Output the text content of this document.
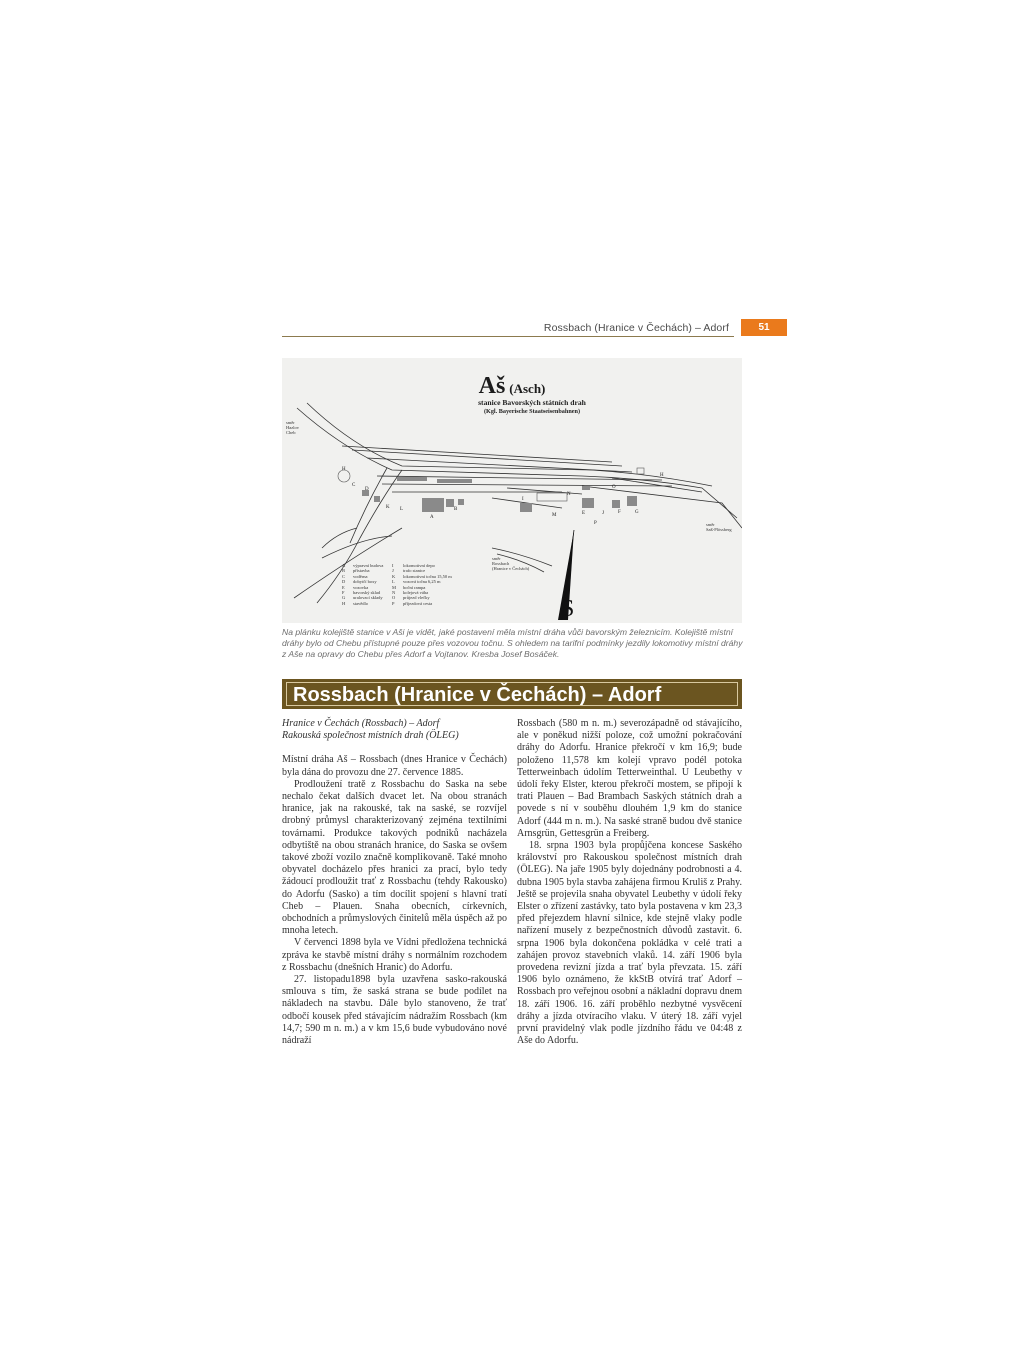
Rossbach (Hranice v Čechách) – Adorf	51
K L
H
C
D
A
B
I
N
M	E	J	F	G
O
P
H
Aš (Asch)
stanice Bavorských státních drah
(Kgl. Bayerische Staatseisenbahnen)
směr
Hazlov
Cheb
směr
Saß-Plössberg
směr
Rossbach
(Hranice v Čechách)
A výpravní budova
B přístavba
C voděrna
D dobytčí boxy
E vozovka
F bavorský sklad
G uralovací sklady
H stavědlo
I lokomotivní depo
J trafo stanice
K lokomotivní točna 15,50 m
L vozová točna 6,25 m
M boční rampa
N kolejová váha
O průjezd vlečky
P příjezdová cesta	S
Na plánku kolejiště stanice v Aši je vidět, jaké postavení měla místní dráha vůči bavorským železnicím. Kolejiště místní dráhy bylo od Chebu přístupné pouze přes vozovou točnu. S ohledem na tarifní podmínky jezdily lokomotivy místní dráhy z Aše na opravy do Chebu přes Adorf a Vojtanov. Kresba Josef Bosáček.
Rossbach (Hranice v Čechách) – Adorf
Hranice v Čechách (Rossbach) – Adorf
Rakouská společnost místních drah (ÖLEG)

Místní dráha Aš – Rossbach (dnes Hranice v Čechách) byla dána do provozu dne 27. července 1885.

Prodloužení tratě z Rossbachu do Saska na sebe nechalo čekat dalších dvacet let. Na obou stranách hranice, jak na rakouské, tak na saské, se rozvíjel drobný průmysl charakterizovaný zejména textilními továrnami. Produkce takových podniků nacházela odbytiště na obou stranách hranice, do Saska se ovšem takové zboží vozilo značně komplikovaně. Také mnoho obyvatel docházelo přes hranici za prací, bylo tedy žádoucí prodloužit trať z Rossbachu (tehdy Rakousko) do Adorfu (Sasko) a tím docílit spojení s hlavní tratí Cheb – Plauen. Snaha obecních, církevních, obchodních a průmyslových činitelů měla úspěch až po mnoha letech.

V červenci 1898 byla ve Vídni předložena technická zpráva ke stavbě místní dráhy s normálním rozchodem z Rossbachu (dnešních Hranic) do Adorfu.

27. listopadu1898 byla uzavřena sasko-rakouská smlouva s tím, že saská strana se bude podílet na nákladech na stavbu. Dále bylo stanoveno, že trať odbočí kousek před stávajícím nádražím Rossbach (km 14,7; 590 m n. m.) a v km 15,6 bude vybudováno nové nádraží

Rossbach (580 m n. m.) severozápadně od stávajícího, ale v poněkud nižší poloze, což umožní pokračování dráhy do Adorfu. Hranice překročí v km 16,9; bude položeno 11,578 km kolejí vpravo podél potoka Tetterweinbach údolím Tetterweinthal. U Leubethy v údolí řeky Elster, kterou překročí mostem, se připojí k trati Plauen – Bad Brambach Saských státních drah a povede s ní v souběhu dlouhém 1,9 km do stanice Adorf (444 m n. m.). Na saské straně budou dvě stanice Arnsgrün, Gettesgrün a Freiberg.

18. srpna 1903 byla propůjčena koncese Saského království pro Rakouskou společnost místních drah (ÖLEG). Na jaře 1905 byly dojednány podrobnosti a 4. dubna 1905 byla stavba zahájena firmou Kruliš z Prahy. Ještě se projevila snaha obyvatel Leubethy v údolí řeky Elster o zřízení zastávky, tato byla postavena v km 23,3 před přejezdem hlavní silnice, kde stejně vlaky podle nařízení musely z bezpečnostních důvodů zastavit. 6. srpna 1906 byla dokončena pokládka v celé trati a zahájen provoz stavebních vlaků. 14. září 1906 byla provedena revizní jízda a trať byla převzata. 15. září 1906 bylo oznámeno, že kkStB otvírá trať Adorf – Rossbach pro veřejnou osobní a nákladní dopravu dnem 18. září 1906. 16. září proběhlo nezbytné vysvěcení dráhy a jízda otvíracího vlaku. V úterý 18. září vyjel první pravidelný vlak podle jízdního řádu ve 04:48 z Aše do Adorfu.
